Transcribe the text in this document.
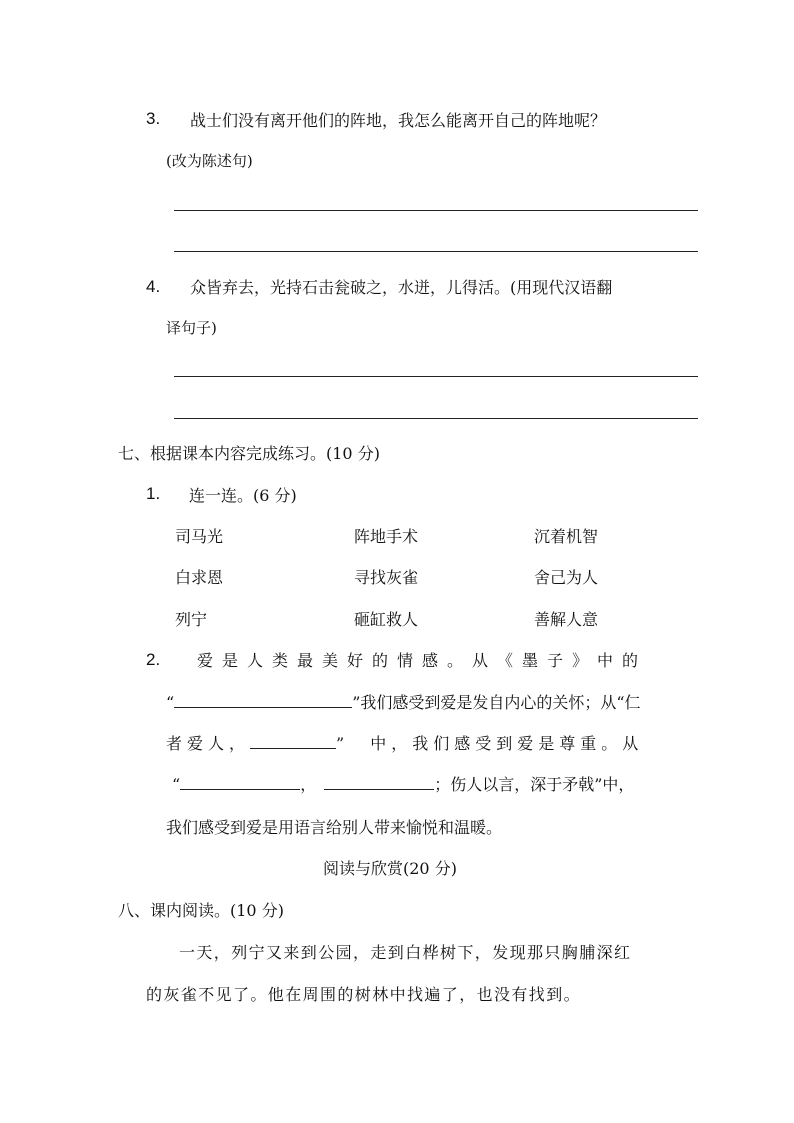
3. 战士们没有离开他们的阵地，我怎么能离开自己的阵地呢？
(改为陈述句)
4. 众皆弃去，光持石击瓮破之，水迸，儿得活。(用现代汉语翻
译句子)
七、根据课本内容完成练习。(10 分)
1. 连一连。(6 分)
司马光	阵地手术	沉着机智
白求恩	寻找灰雀	舍己为人
列宁	砸缸救人	善解人意
2. 爱是人类最美好的情感。从《墨子》中的
“	”我们感受到爱是发自内心的关怀；从“仁
者爱人，	”　中，我们感受到爱是尊重。从
“	，	；伤人以言，深于矛戟”中，
我们感受到爱是用语言给别人带来愉悦和温暖。
阅读与欣赏(20 分)
八、课内阅读。(10 分)
一天，列宁又来到公园，走到白桦树下，发现那只胸脯深红
的灰雀不见了。他在周围的树林中找遍了，也没有找到。
